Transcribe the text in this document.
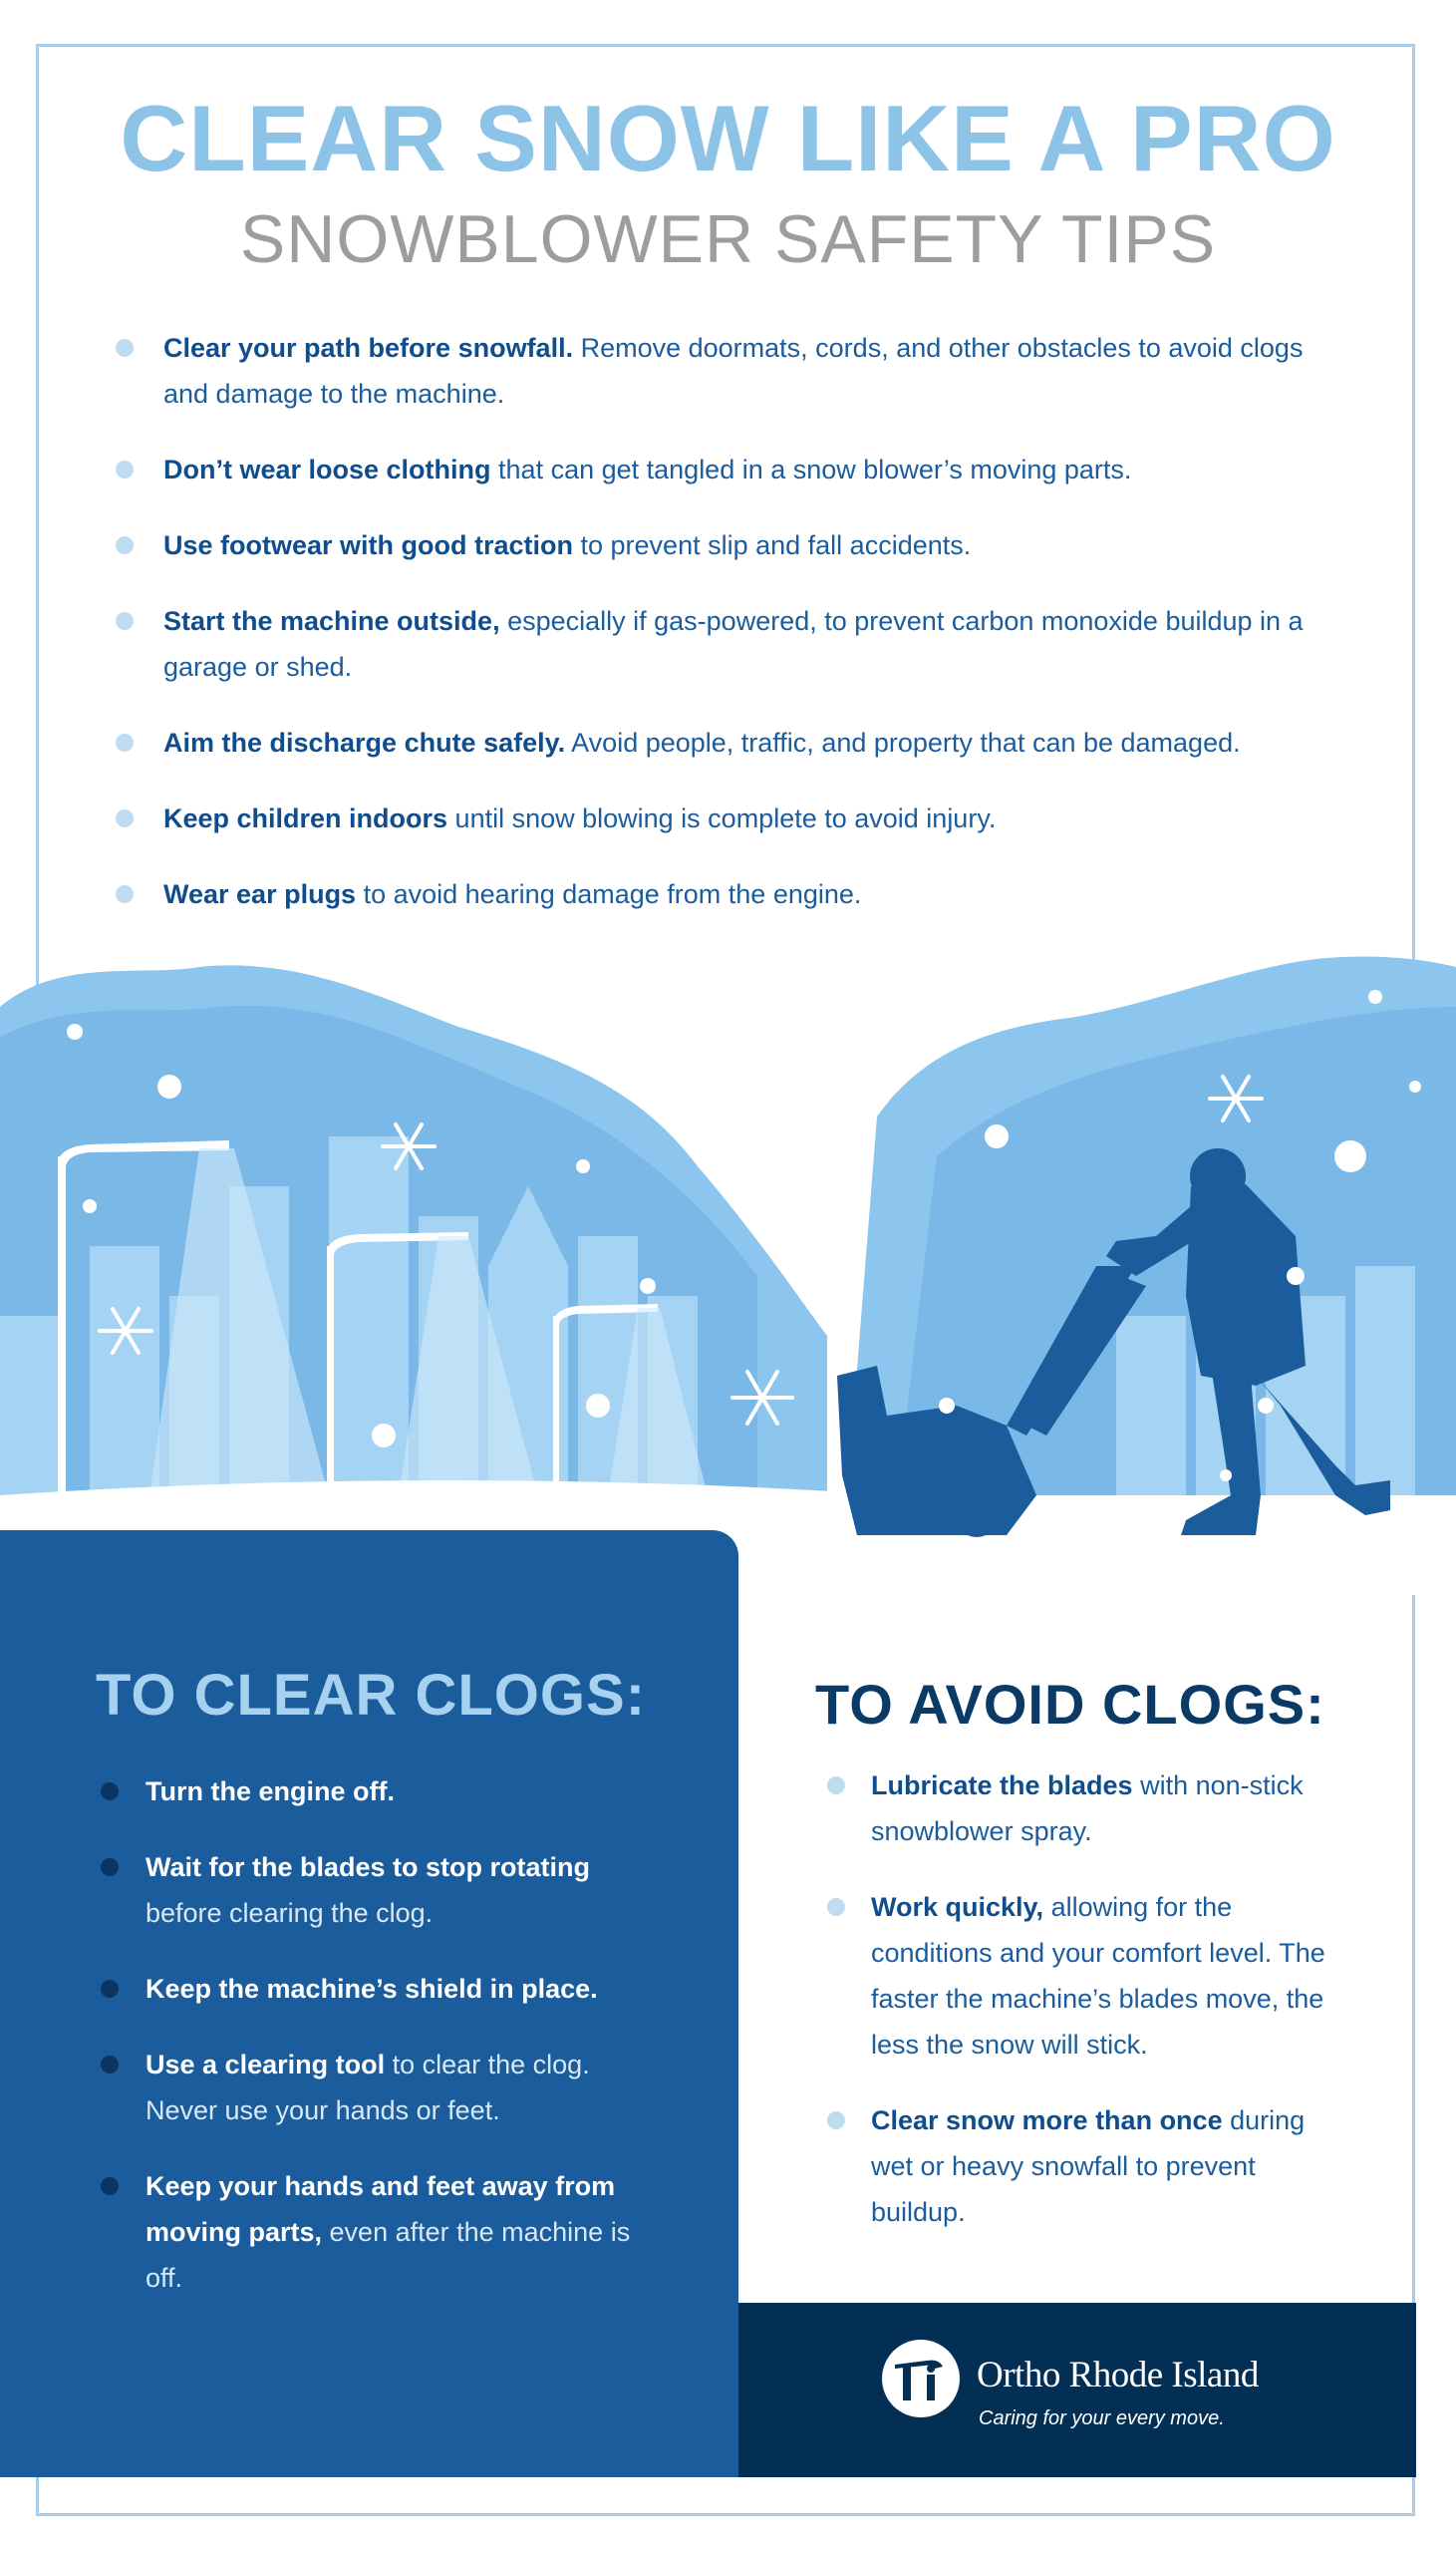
CLEAR SNOW LIKE A PRO
SNOWBLOWER SAFETY TIPS
Clear your path before snowfall. Remove doormats, cords, and other obstacles to avoid clogs and damage to the machine.
Don’t wear loose clothing that can get tangled in a snow blower’s moving parts.
Use footwear with good traction to prevent slip and fall accidents.
Start the machine outside, especially if gas-powered, to prevent carbon monoxide buildup in a garage or shed.
Aim the discharge chute safely. Avoid people, traffic, and property that can be damaged.
Keep children indoors until snow blowing is complete to avoid injury.
Wear ear plugs to avoid hearing damage from the engine.
TO CLEAR CLOGS:
Turn the engine off.
Wait for the blades to stop rotating before clearing the clog.
Keep the machine’s shield in place.
Use a clearing tool to clear the clog. Never use your hands or feet.
Keep your hands and feet away from moving parts, even after the machine is off.
TO AVOID CLOGS:
Lubricate the blades with non-stick snowblower spray.
Work quickly, allowing for the conditions and your comfort level. The faster the machine’s blades move, the less the snow will stick.
Clear snow more than once during wet or heavy snowfall to prevent buildup.
Ortho Rhode Island
Caring for your every move.
